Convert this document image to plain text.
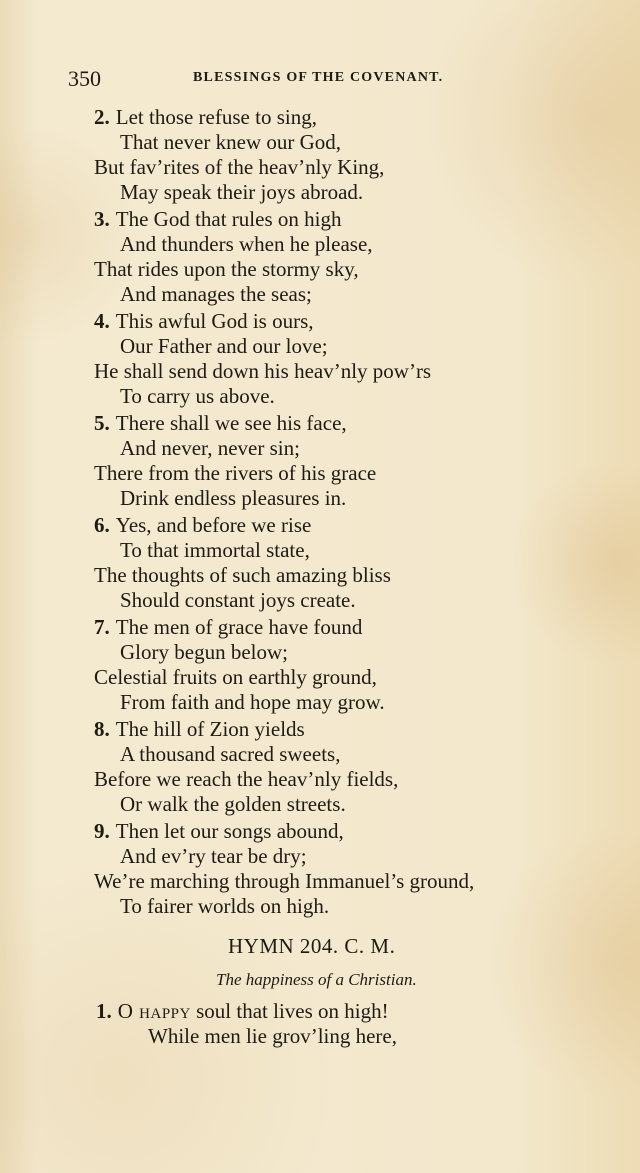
350	BLESSINGS OF THE COVENANT.
2. Let those refuse to sing,
That never knew our God,
But fav’rites of the heav’nly King,
May speak their joys abroad.
3. The God that rules on high
And thunders when he please,
That rides upon the stormy sky,
And manages the seas;
4. This awful God is ours,
Our Father and our love;
He shall send down his heav’nly pow’rs
To carry us above.
5. There shall we see his face,
And never, never sin;
There from the rivers of his grace
Drink endless pleasures in.
6. Yes, and before we rise
To that immortal state,
The thoughts of such amazing bliss
Should constant joys create.
7. The men of grace have found
Glory begun below;
Celestial fruits on earthly ground,
From faith and hope may grow.
8. The hill of Zion yields
A thousand sacred sweets,
Before we reach the heav’nly fields,
Or walk the golden streets.
9. Then let our songs abound,
And ev’ry tear be dry;
We’re marching through Immanuel’s ground,
To fairer worlds on high.
HYMN 204. C. M.
The happiness of a Christian.
1. O happy soul that lives on high!
While men lie grov’ling here,
